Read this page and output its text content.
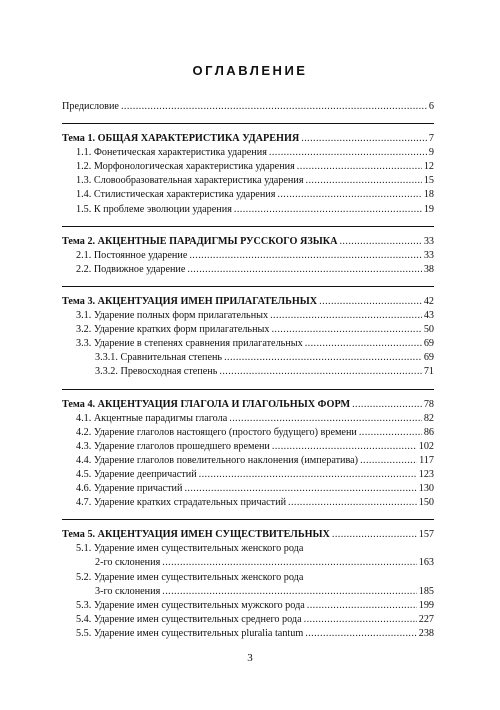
ОГЛАВЛЕНИЕ
Предисловие .....	6
Тема 1. ОБЩАЯ ХАРАКТЕРИСТИКА УДАРЕНИЯ .....	7
1.1. Фонетическая характеристика ударения .....	9
1.2. Морфонологическая характеристика ударения .....	12
1.3. Словообразовательная характеристика ударения .....	15
1.4. Стилистическая характеристика ударения .....	18
1.5. К проблеме эволюции ударения .....	19
Тема 2. АКЦЕНТНЫЕ ПАРАДИГМЫ РУССКОГО ЯЗЫКА .....	33
2.1. Постоянное ударение .....	33
2.2. Подвижное ударение .....	38
Тема 3. АКЦЕНТУАЦИЯ ИМЕН ПРИЛАГАТЕЛЬНЫХ .....	42
3.1. Ударение полных форм прилагательных .....	43
3.2. Ударение кратких форм прилагательных .....	50
3.3. Ударение в степенях сравнения прилагательных .....	69
3.3.1. Сравнительная степень .....	69
3.3.2. Превосходная степень .....	71
Тема 4. АКЦЕНТУАЦИЯ ГЛАГОЛА И ГЛАГОЛЬНЫХ ФОРМ .....	78
4.1. Акцентные парадигмы глагола .....	82
4.2. Ударение глаголов настоящего (простого будущего) времени .....	86
4.3. Ударение глаголов прошедшего времени .....	102
4.4. Ударение глаголов повелительного наклонения (императива) .....	117
4.5. Ударение деепричастий .....	123
4.6. Ударение причастий .....	130
4.7. Ударение кратких страдательных причастий .....	150
Тема 5. АКЦЕНТУАЦИЯ ИМЕН СУЩЕСТВИТЕЛЬНЫХ .....	157
5.1. Ударение имен существительных женского рода
2-го склонения .....	163
5.2. Ударение имен существительных женского рода
3-го склонения .....	185
5.3. Ударение имен существительных мужского рода .....	199
5.4. Ударение имен существительных среднего рода .....	227
5.5. Ударение имен существительных pluralia tantum .....	238
3
